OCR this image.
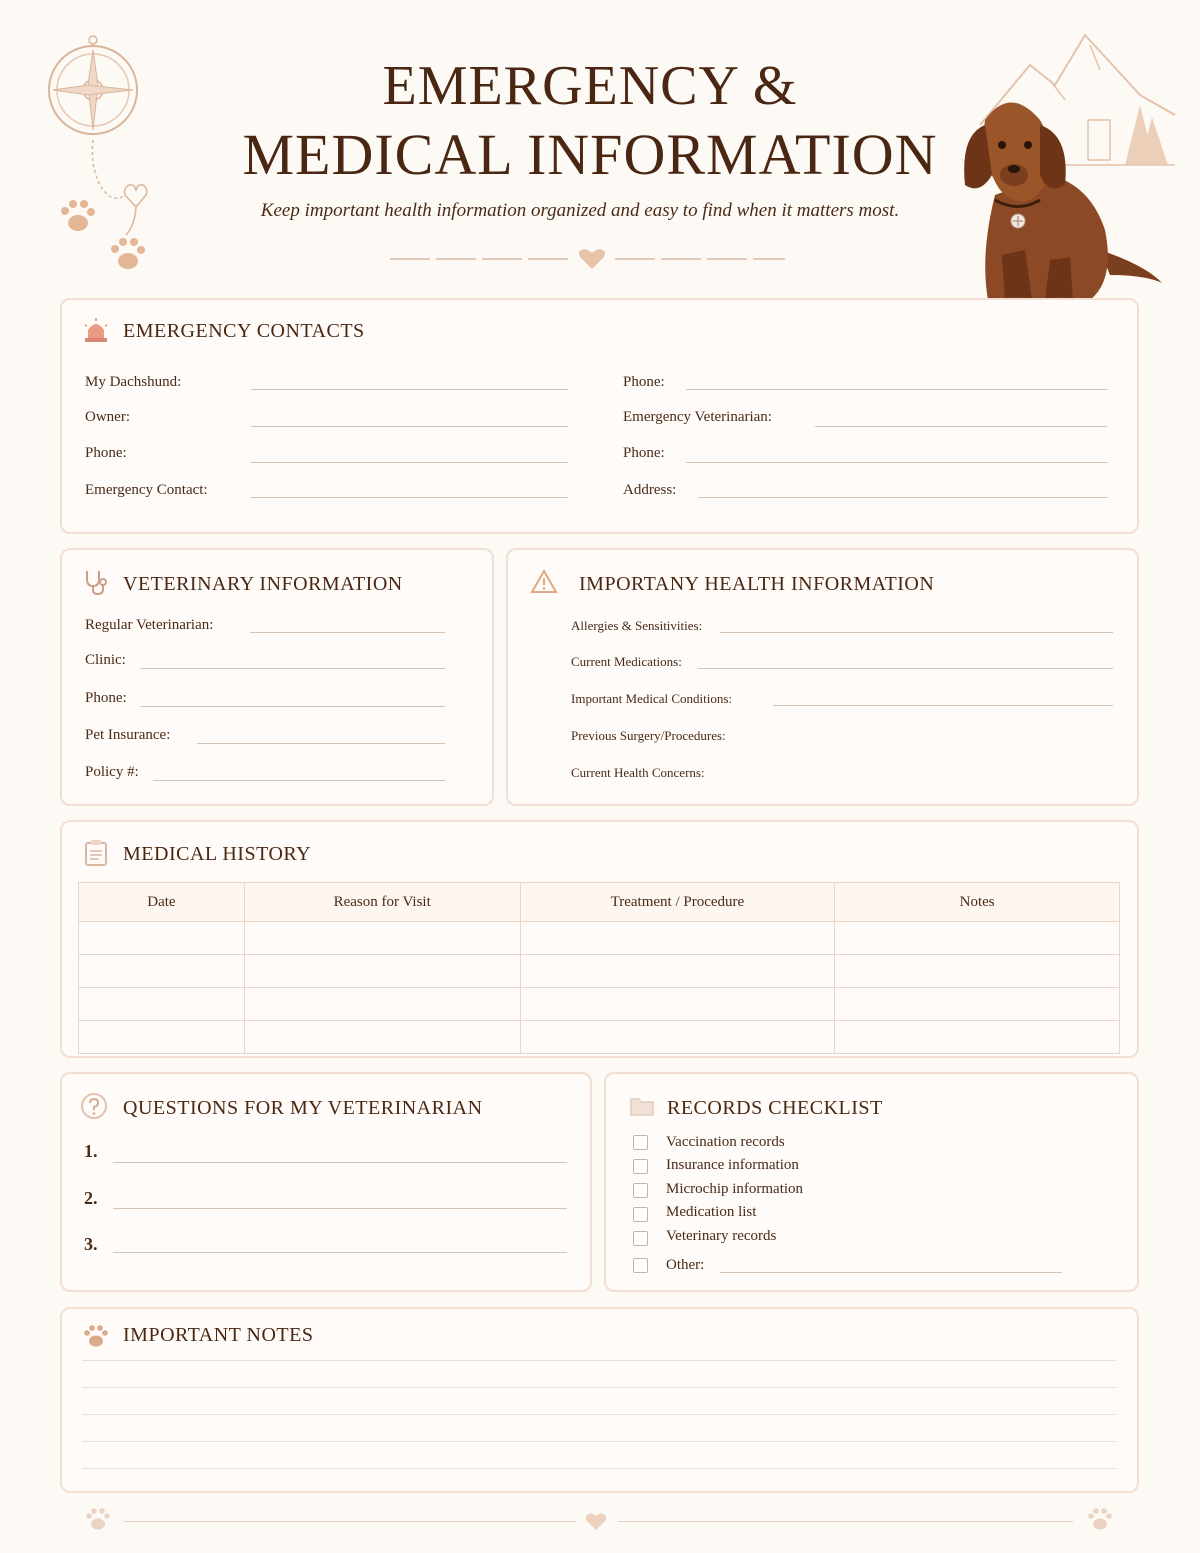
EMERGENCY &
MEDICAL INFORMATION
Keep important health information organized and easy to find when it matters most.
EMERGENCY CONTACTS
My Dachshund:
Owner:
Phone:
Emergency Contact:
Phone:
Emergency Veterinarian:
Phone:
Address:
VETERINARY INFORMATION
Regular Veterinarian:
Clinic:
Phone:
Pet Insurance:
Policy #:
IMPORTANY HEALTH INFORMATION
Allergies & Sensitivities:
Current Medications:
Important Medical Conditions:
Previous Surgery/Procedures:
Current Health Concerns:
MEDICAL HISTORY
Date	Reason for Visit	Treatment / Procedure	Notes

QUESTIONS FOR MY VETERINARIAN
1.
2.
3.
RECORDS CHECKLIST
Vaccination records
Insurance information
Microchip information
Medication list
Veterinary records
Other:
IMPORTANT NOTES
